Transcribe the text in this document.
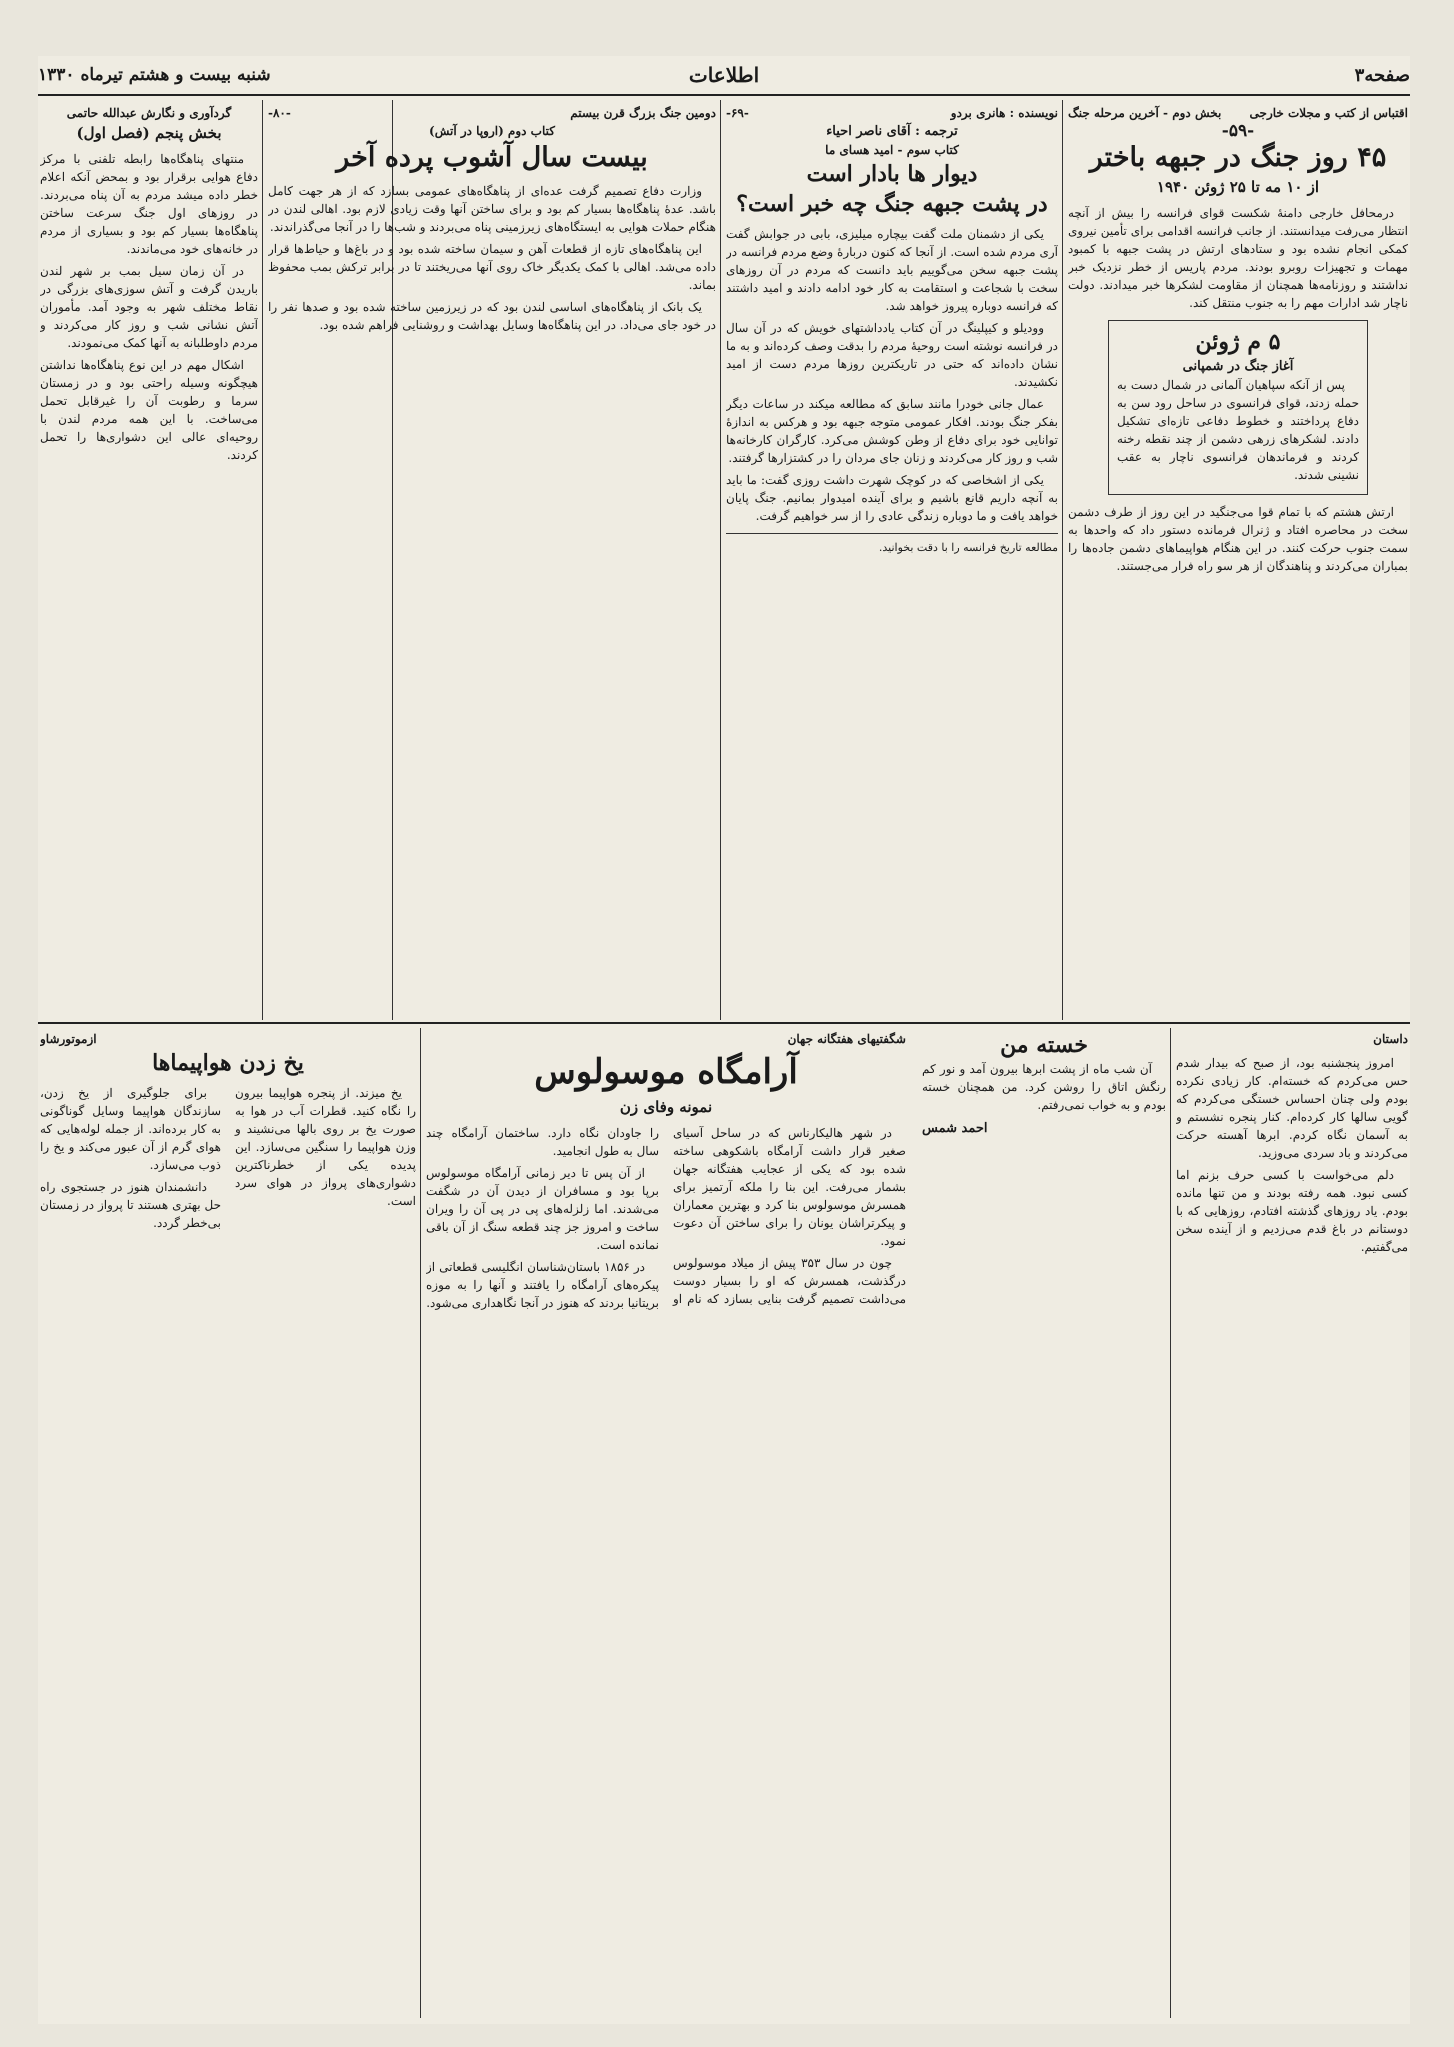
صفحه۳
اطلاعات
شنبه بیست و هشتم تیرماه ۱۳۳۰
اقتباس از کتب و مجلات خارجی
بخش دوم - آخرین مرحله جنگ
-۵۹-
۴۵ روز جنگ در جبهه باختر
از ۱۰ مه تا ۲۵ ژوئن ۱۹۴۰

درمحافل خارجی دامنهٔ شکست قوای فرانسه را بیش از آنچه انتظار می‌رفت میدانستند. از جانب فرانسه اقدامی برای تأمین نیروی کمکی انجام نشده بود و ستادهای ارتش در پشت جبهه با کمبود مهمات و تجهیزات روبرو بودند. مردم پاریس از خطر نزدیک خبر نداشتند و روزنامه‌ها همچنان از مقاومت لشکرها خبر میدادند. دولت ناچار شد ادارات مهم را به جنوب منتقل کند.

۵ م ژوئن
آغاز جنگ در شمپانی

پس از آنکه سپاهیان آلمانی در شمال دست به حمله زدند، قوای فرانسوی در ساحل رود سن به دفاع پرداختند و خطوط دفاعی تازه‌ای تشکیل دادند. لشکرهای زرهی دشمن از چند نقطه رخنه کردند و فرماندهان فرانسوی ناچار به عقب نشینی شدند.

ارتش هشتم که با تمام قوا می‌جنگید در این روز از طرف دشمن سخت در محاصره افتاد و ژنرال فرمانده دستور داد که واحدها به سمت جنوب حرکت کنند. در این هنگام هواپیماهای دشمن جاده‌ها را بمباران می‌کردند و پناهندگان از هر سو راه فرار می‌جستند.

نویسنده : هانری بردو
-۶۹-
ترجمه : آقای ناصر احیاء
کتاب سوم - امید هسای ما
دیوار ها بادار است
در پشت جبهه جنگ چه خبر است؟

یکی از دشمنان ملت گفت بیچاره میلیزی، بابی در جوابش گفت آری مردم شده است. از آنجا که کنون دربارهٔ وضع مردم فرانسه در پشت جبهه سخن می‌گوییم باید دانست که مردم در آن روزهای سخت با شجاعت و استقامت به کار خود ادامه دادند و امید داشتند که فرانسه دوباره پیروز خواهد شد.

وودیلو و کیپلینگ در آن کتاب یادداشتهای خویش که در آن سال در فرانسه نوشته است روحیهٔ مردم را بدقت وصف کرده‌اند و به ما نشان داده‌اند که حتی در تاریکترین روزها مردم دست از امید نکشیدند.

عمال جانی خودرا مانند سابق که مطالعه میکند در ساعات دیگر بفکر جنگ بودند. افکار عمومی متوجه جبهه بود و هرکس به اندازهٔ توانایی خود برای دفاع از وطن کوشش می‌کرد. کارگران کارخانه‌ها شب و روز کار می‌کردند و زنان جای مردان را در کشتزارها گرفتند.

یکی از اشخاصی که در کوچک شهرت داشت روزی گفت: ما باید به آنچه داریم قانع باشیم و برای آینده امیدوار بمانیم. جنگ پایان خواهد یافت و ما دوباره زندگی عادی را از سر خواهیم گرفت.

مطالعه تاریخ فرانسه را با دقت بخوانید.
دومین جنگ بزرگ قرن بیستم
-۸۰-
کتاب دوم (اروپا در آتش)
بیست سال آشوب پرده آخر

وزارت دفاع تصمیم گرفت عده‌ای از پناهگاه‌های عمومی بسازد که از هر جهت کامل باشد. عدهٔ پناهگاه‌ها بسیار کم بود و برای ساختن آنها وقت زیادی لازم بود. اهالی لندن در هنگام حملات هوایی به ایستگاه‌های زیرزمینی پناه می‌بردند و شب‌ها را در آنجا می‌گذراندند.

این پناهگاه‌های تازه از قطعات آهن و سیمان ساخته شده بود و در باغ‌ها و حیاط‌ها قرار داده می‌شد. اهالی با کمک یکدیگر خاک روی آنها می‌ریختند تا در برابر ترکش بمب محفوظ بماند.

یک بانک از پناهگاه‌های اساسی لندن بود که در زیرزمین ساخته شده بود و صدها نفر را در خود جای می‌داد. در این پناهگاه‌ها وسایل بهداشت و روشنایی فراهم شده بود.

گردآوری و نگارش عبدالله حاتمی
بخش پنجم (فصل اول)

منتهای پناهگاه‌ها رابطه تلفنی با مرکز دفاع هوایی برقرار بود و بمحض آنکه اعلام خطر داده میشد مردم به آن پناه می‌بردند. در روزهای اول جنگ سرعت ساختن پناهگاه‌ها بسیار کم بود و بسیاری از مردم در خانه‌های خود می‌ماندند.

در آن زمان سیل بمب بر شهر لندن باریدن گرفت و آتش سوزی‌های بزرگی در نقاط مختلف شهر به وجود آمد. مأموران آتش نشانی شب و روز کار می‌کردند و مردم داوطلبانه به آنها کمک می‌نمودند.

اشکال مهم در این نوع پناهگاه‌ها نداشتن هیچگونه وسیله راحتی بود و در زمستان سرما و رطوبت آن را غیرقابل تحمل می‌ساخت. با این همه مردم لندن با روحیه‌ای عالی این دشواری‌ها را تحمل کردند.

داستان

امروز پنجشنبه بود، از صبح که بیدار شدم حس می‌کردم که خسته‌ام. کار زیادی نکرده بودم ولی چنان احساس خستگی می‌کردم که گویی سالها کار کرده‌ام. کنار پنجره نشستم و به آسمان نگاه کردم. ابرها آهسته حرکت می‌کردند و باد سردی می‌وزید.

دلم می‌خواست با کسی حرف بزنم اما کسی نبود. همه رفته بودند و من تنها مانده بودم. یاد روزهای گذشته افتادم، روزهایی که با دوستانم در باغ قدم می‌زدیم و از آینده سخن می‌گفتیم.

خسته من

آن شب ماه از پشت ابرها بیرون آمد و نور کم رنگش اتاق را روشن کرد. من همچنان خسته بودم و به خواب نمی‌رفتم.

احمد شمس
شگفتیهای هفتگانه جهان
آرامگاه موسولوس
نمونه وفای زن

در شهر هالیکارناس که در ساحل آسیای صغیر قرار داشت آرامگاه باشکوهی ساخته شده بود که یکی از عجایب هفتگانه جهان بشمار می‌رفت. این بنا را ملکه آرتمیز برای همسرش موسولوس بنا کرد و بهترین معماران و پیکرتراشان یونان را برای ساختن آن دعوت نمود.

چون در سال ۳۵۳ پیش از میلاد موسولوس درگذشت، همسرش که او را بسیار دوست می‌داشت تصمیم گرفت بنایی بسازد که نام او را جاودان نگاه دارد. ساختمان آرامگاه چند سال به طول انجامید.

از آن پس تا دیر زمانی آرامگاه موسولوس برپا بود و مسافران از دیدن آن در شگفت می‌شدند. اما زلزله‌های پی در پی آن را ویران ساخت و امروز جز چند قطعه سنگ از آن باقی نمانده است.

در ۱۸۵۶ باستان‌شناسان انگلیسی قطعاتی از پیکره‌های آرامگاه را یافتند و آنها را به موزه بریتانیا بردند که هنوز در آنجا نگاهداری می‌شود.

ازموتورشاو
یخ زدن هواپیماها

یخ میزند. از پنجره هواپیما بیرون را نگاه کنید. قطرات آب در هوا به صورت یخ بر روی بالها می‌نشیند و وزن هواپیما را سنگین می‌سازد. این پدیده یکی از خطرناکترین دشواری‌های پرواز در هوای سرد است.

برای جلوگیری از یخ زدن، سازندگان هواپیما وسایل گوناگونی به کار برده‌اند. از جمله لوله‌هایی که هوای گرم از آن عبور می‌کند و یخ را ذوب می‌سازد.

دانشمندان هنوز در جستجوی راه حل بهتری هستند تا پرواز در زمستان بی‌خطر گردد.
